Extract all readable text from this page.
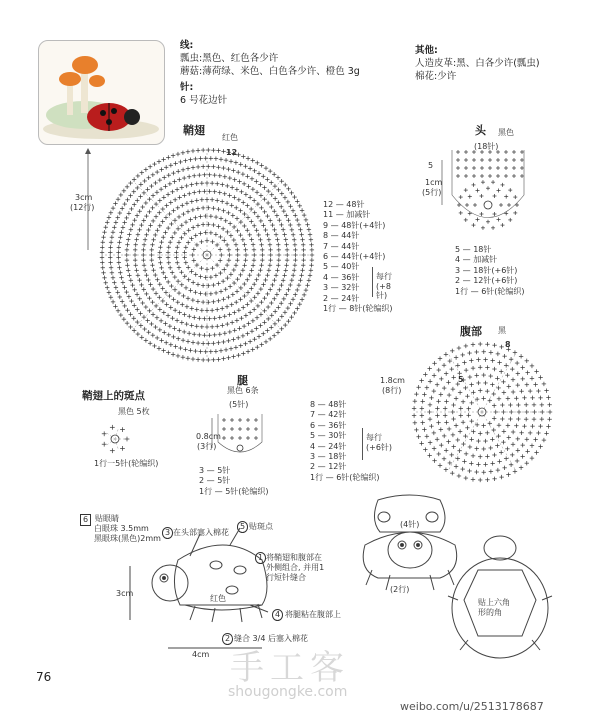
线:
瓢虫:黑色、红色各少许
蘑菇:薄荷绿、米色、白色各少许、橙色 3g
针:
6 号花边针
其他:
人造皮革:黑、白各少许(瓢虫)
棉花:少许
鞘翅
红色
12
3cm
(12行)	12 — 48针
11 — 加减针
9 — 48针(+4针)
8 — 44针
7 — 44针
6 — 44针(+4针)
5 — 40针
4 — 36针
3 — 32针
2 — 24针
1行 — 8针(轮编织)
每行 (+8针)
头 黑色
(18针)
5
1cm
(5行)
5 — 18针
4 — 加减针
3 — 18针(+6针)
2 — 12针(+6针)
1行 — 6针(轮编织)
腹部 黑
8
5
1.8cm
(8行)
8 — 48针
7 — 42针
6 — 36针
5 — 30针
4 — 24针
3 — 18针
2 — 12针
1行 — 6针(轮编织)
每行 (+6针)
鞘翅上的斑点
黑色 5枚
1行一5针(轮编织)
腿
黑色 6条
(5针)
0.8cm
(3行)
3 — 5针
2 — 5针
1行 — 5针(轮编织)
6 贴眼睛
白眼珠 3.5mm
黑眼珠(黑色)2mm
3 在头部塞入棉花
5 贴斑点
1 将鞘翅和腹部在外侧组合, 并用1行短针缝合
4 将腿粘在腹部上
2 缝合 3/4 后塞入棉花
红色
3cm
4cm
(4针)
(2行)
贴上六角形的角
76	手工客
shougongke.com
weibo.com/u/2513178687
